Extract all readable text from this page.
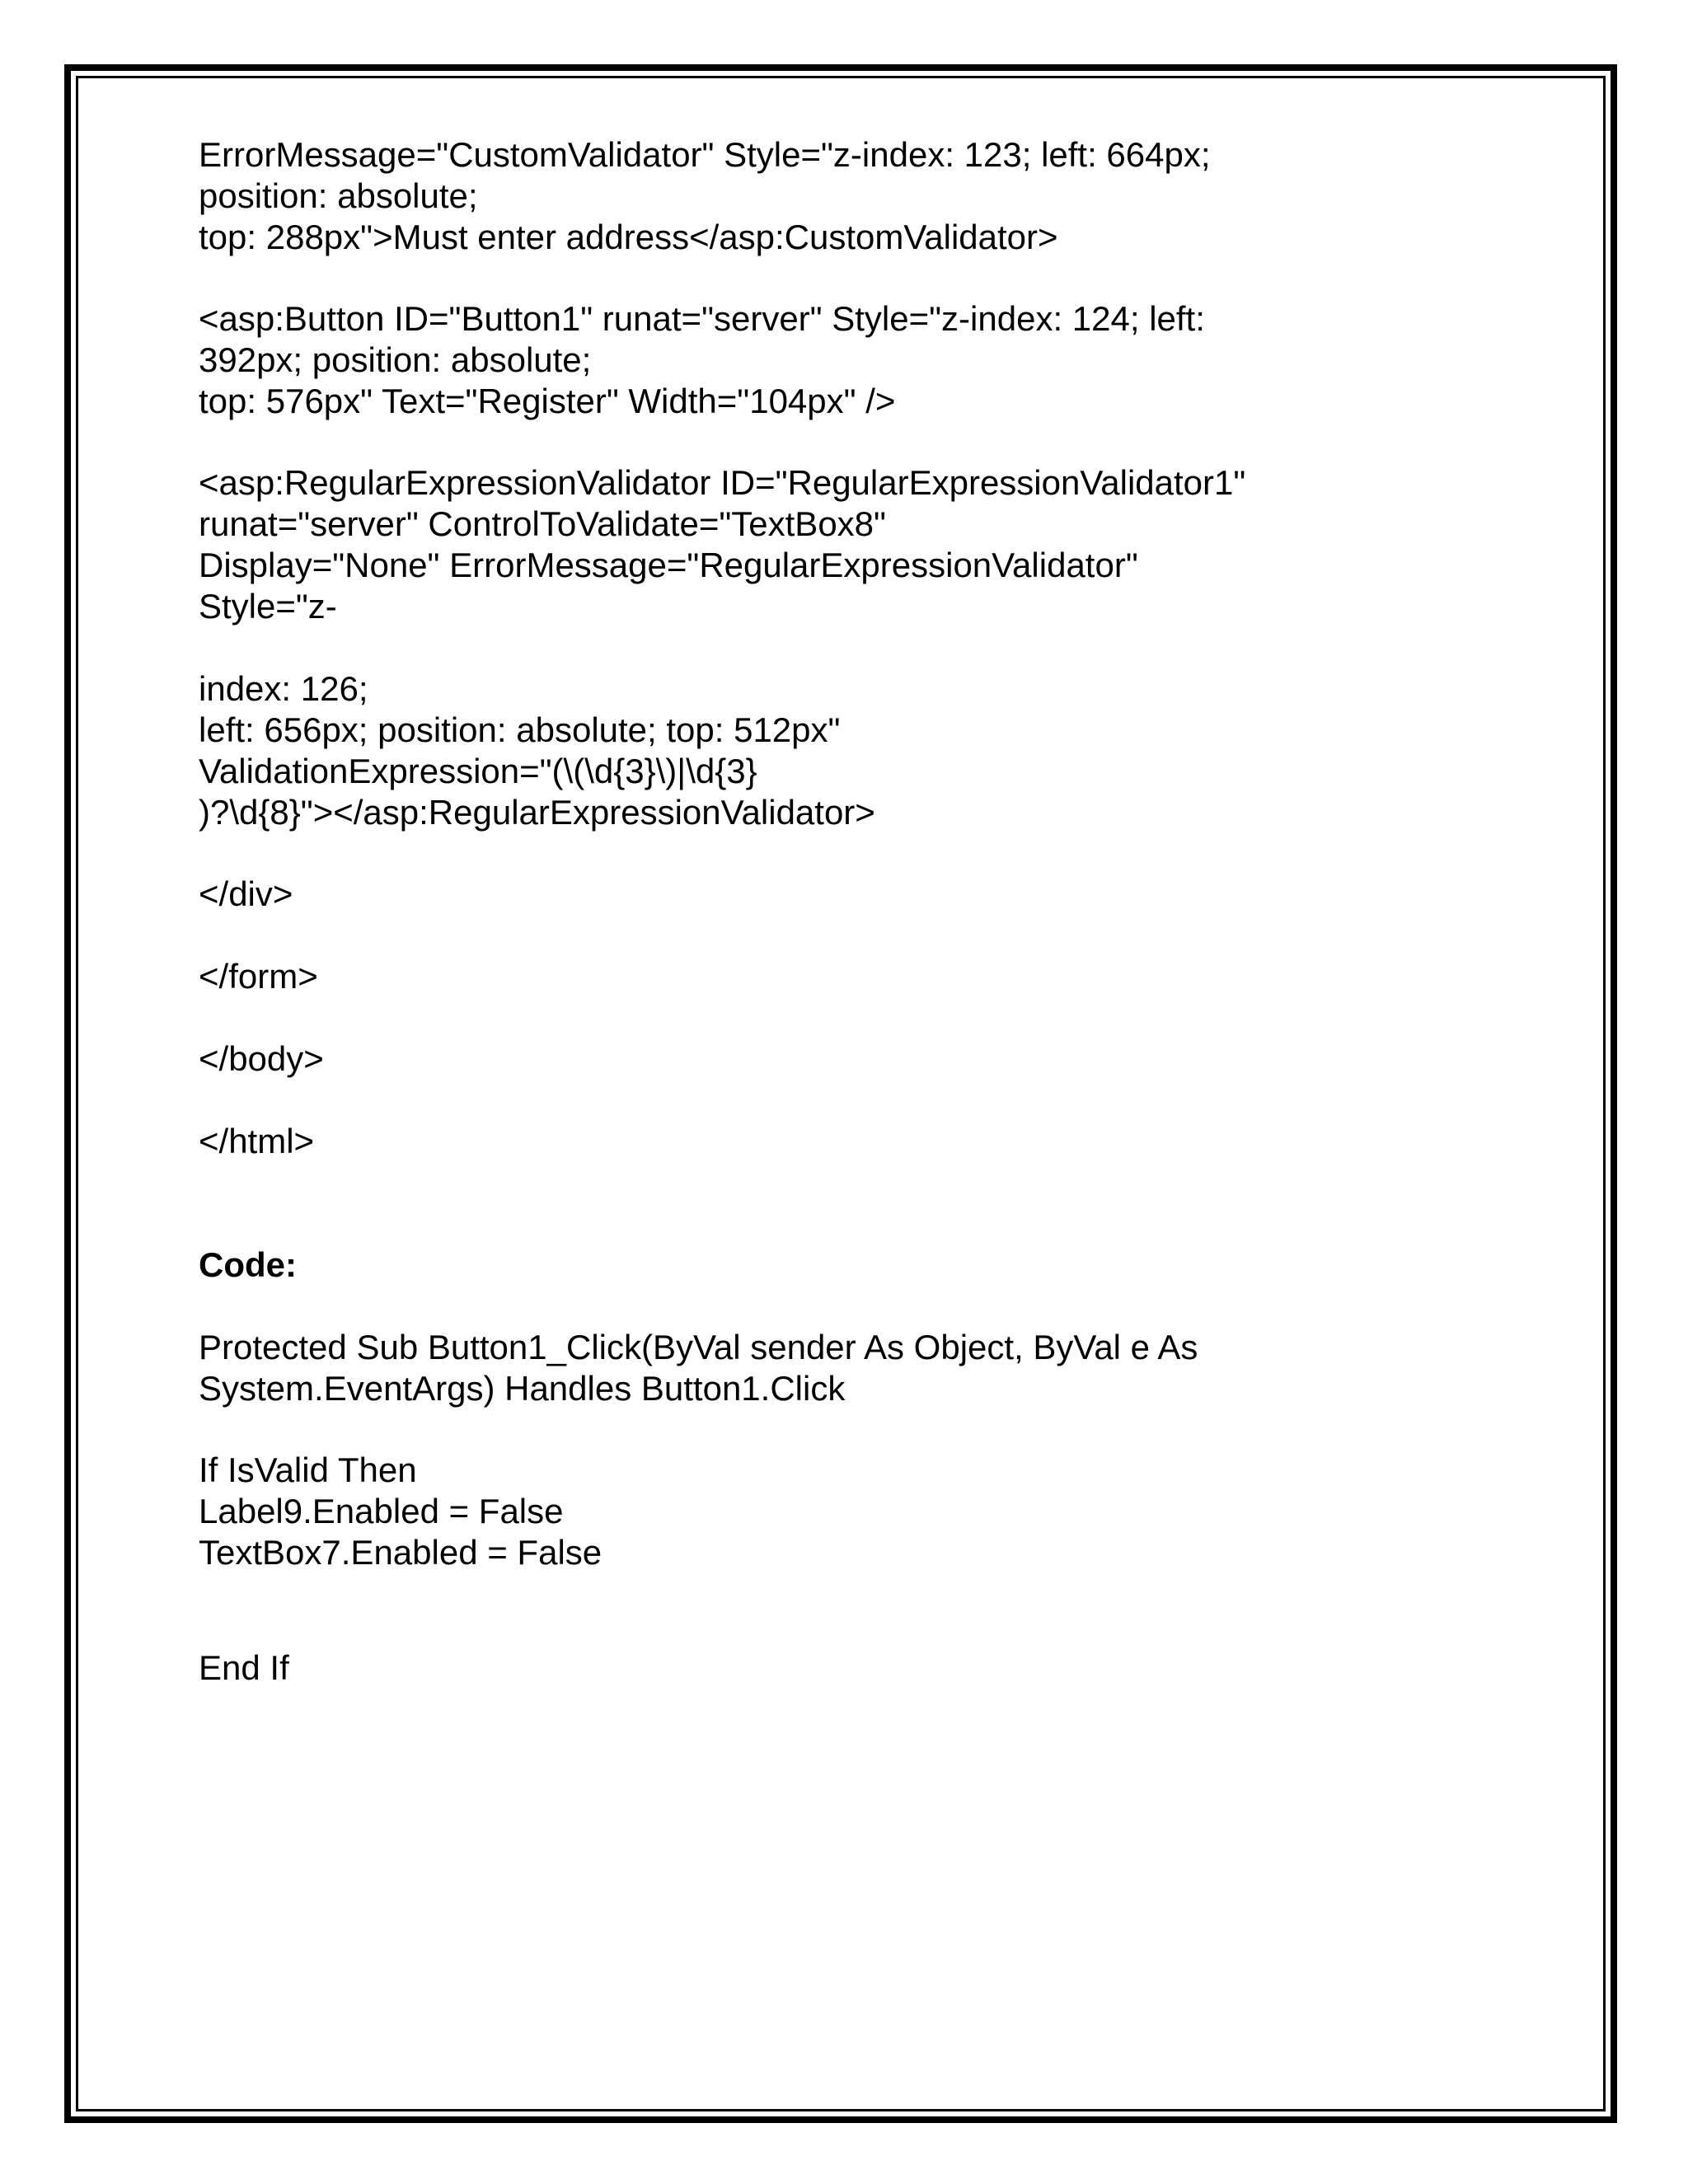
ErrorMessage="CustomValidator" Style="z-index: 123; left: 664px;
position: absolute;
top: 288px">Must enter address</asp:CustomValidator>
<asp:Button ID="Button1" runat="server" Style="z-index: 124; left:
392px; position: absolute;
top: 576px" Text="Register" Width="104px" />
<asp:RegularExpressionValidator ID="RegularExpressionValidator1"
runat="server" ControlToValidate="TextBox8"
Display="None" ErrorMessage="RegularExpressionValidator"
Style="z-
index: 126;
left: 656px; position: absolute; top: 512px"
ValidationExpression="(\(\d{3}\)|\d{3}
)?\d{8}"></asp:RegularExpressionValidator>
</div>
</form>
</body>
</html>
Code:
Protected Sub Button1_Click(ByVal sender As Object, ByVal e As
System.EventArgs) Handles Button1.Click
If IsValid Then
Label9.Enabled = False
TextBox7.Enabled = False
End If
